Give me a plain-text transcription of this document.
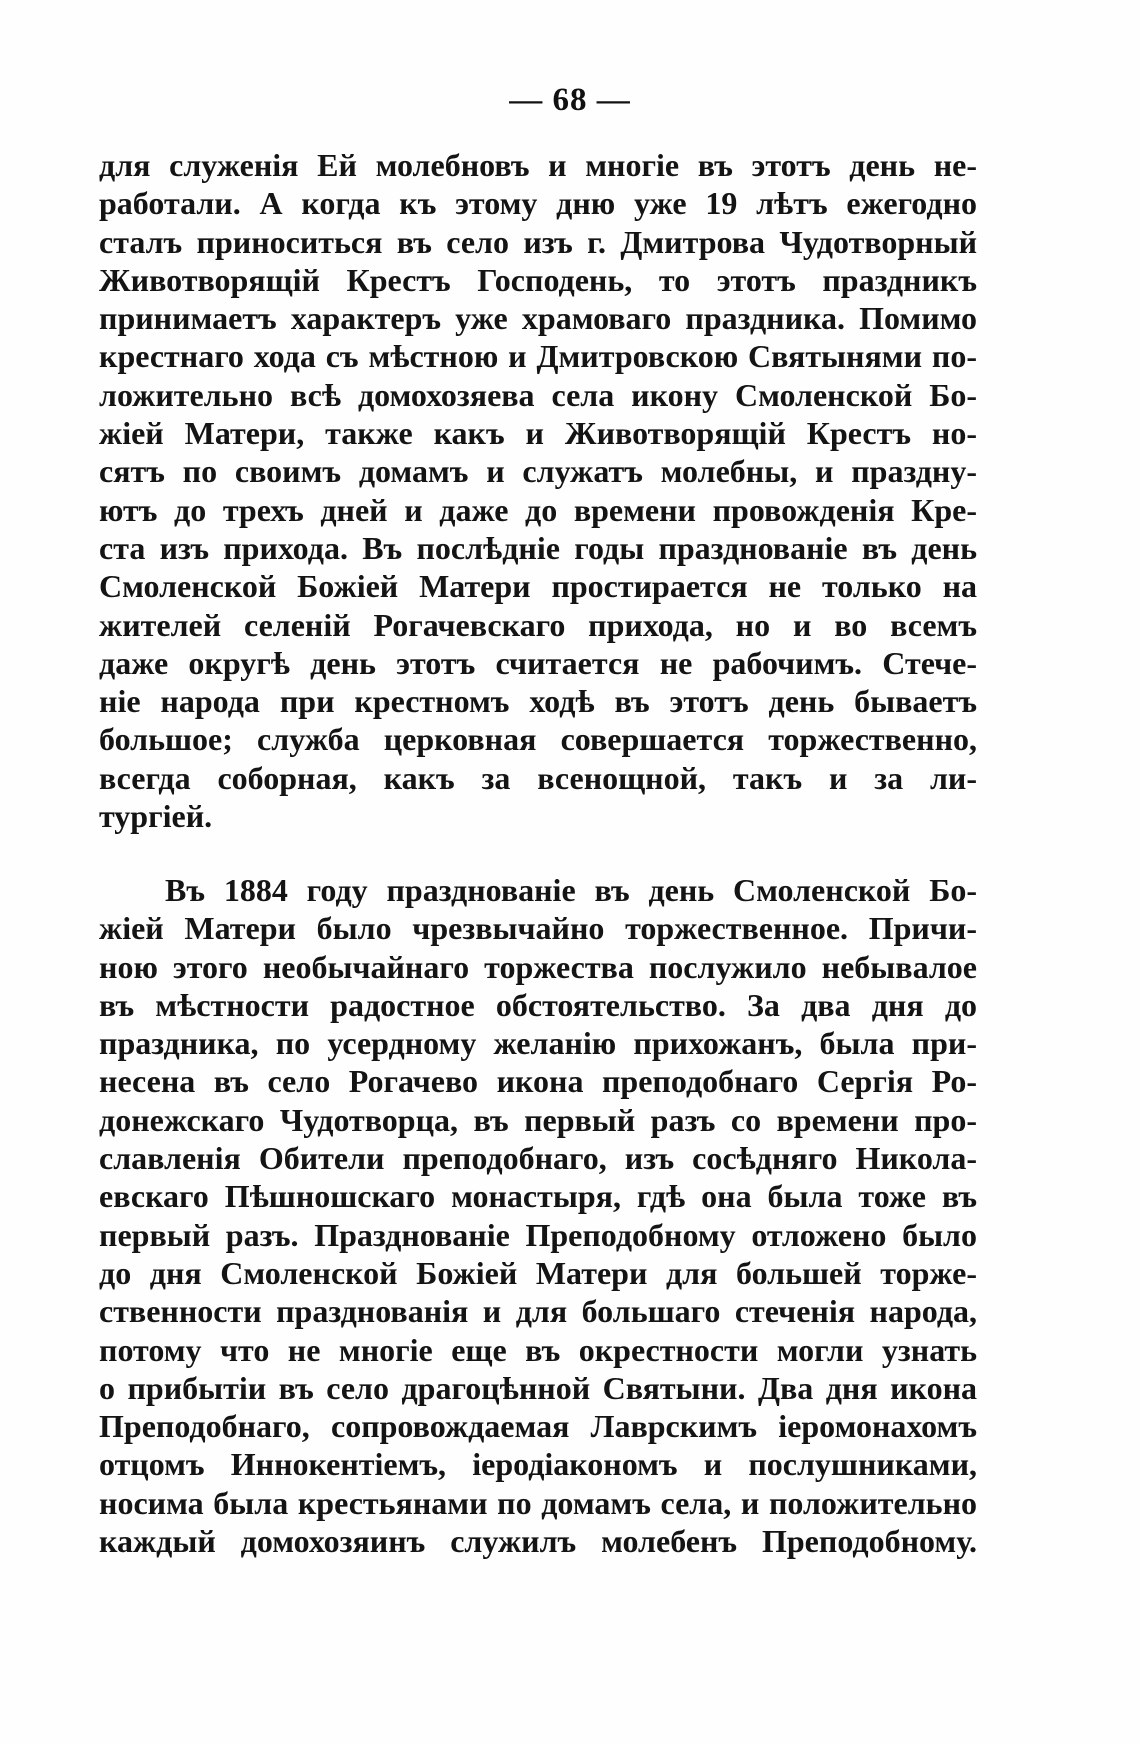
— 68 —
для служенія Ей молебновъ и многіе въ этотъ день не-
работали. А когда къ этому дню уже 19 лѣтъ ежегодно
сталъ приноситься въ село изъ г. Дмитрова Чудотворный
Животворящій Крестъ Господень, то этотъ праздникъ
принимаетъ характеръ уже храмоваго праздника. Помимо
крестнаго хода съ мѣстною и Дмитровскою Святынями по-
ложительно всѣ домохозяева села икону Смоленской Бо-
жіей Матери, также какъ и Животворящій Крестъ но-
сятъ по своимъ домамъ и служатъ молебны, и праздну-
ютъ до трехъ дней и даже до времени провожденія Кре-
ста изъ прихода. Въ послѣдніе годы празднованіе въ день
Смоленской Божіей Матери простирается не только на
жителей селеній Рогачевскаго прихода, но и во всемъ
даже округѣ день этотъ считается не рабочимъ. Стече-
ніе народа при крестномъ ходѣ въ этотъ день бываетъ
большое; служба церковная совершается торжественно,
всегда соборная, какъ за всенощной, такъ и за ли-
тургіей.
Въ 1884 году празднованіе въ день Смоленской Бо-
жіей Матери было чрезвычайно торжественное. Причи-
ною этого необычайнаго торжества послужило небывалое
въ мѣстности радостное обстоятельство. За два дня до
праздника, по усердному желанію прихожанъ, была при-
несена въ село Рогачево икона преподобнаго Сергія Ро-
донежскаго Чудотворца, въ первый разъ со времени про-
славленія Обители преподобнаго, изъ сосѣдняго Никола-
евскаго Пѣшношскаго монастыря, гдѣ она была тоже въ
первый разъ. Празднованіе Преподобному отложено было
до дня Смоленской Божіей Матери для большей торже-
ственности празднованія и для большаго стеченія народа,
потому что не многіе еще въ окрестности могли узнать
о прибытіи въ село драгоцѣнной Святыни. Два дня икона
Преподобнаго, сопровождаемая Лаврскимъ іеромонахомъ
отцомъ Иннокентіемъ, іеродіакономъ и послушниками,
носима была крестьянами по домамъ села, и положительно
каждый домохозяинъ служилъ молебенъ Преподобному.
